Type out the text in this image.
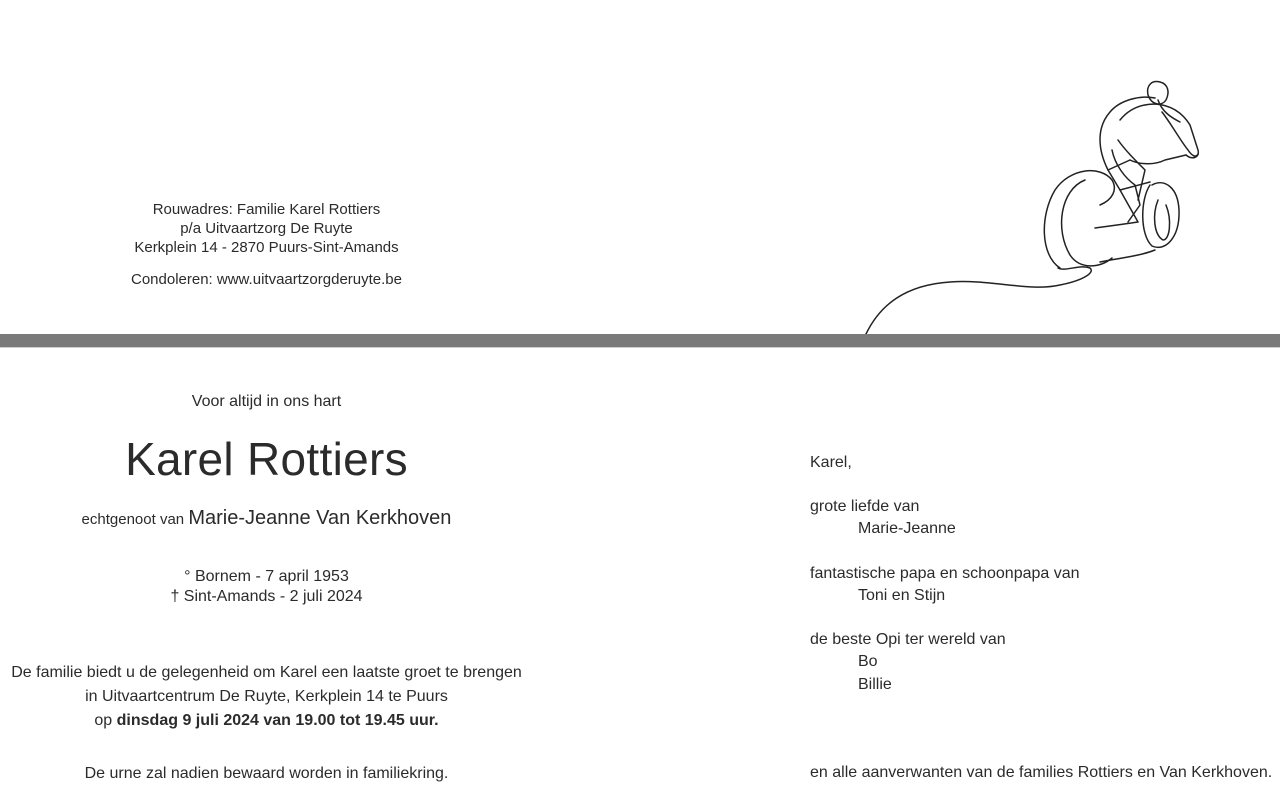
Rouwadres: Familie Karel Rottiers
p/a Uitvaartzorg De Ruyte
Kerkplein 14 - 2870 Puurs-Sint-Amands
Condoleren: www.uitvaartzorgderuyte.be
Voor altijd in ons hart
Karel Rottiers
echtgenoot van Marie-Jeanne Van Kerkhoven
° Bornem - 7 april 1953
† Sint-Amands - 2 juli 2024
De familie biedt u de gelegenheid om Karel een laatste groet te brengen
in Uitvaartcentrum De Ruyte, Kerkplein 14 te Puurs
op dinsdag 9 juli 2024 van 19.00 tot 19.45 uur.
De urne zal nadien bewaard worden in familiekring.
Karel,
grote liefde van
Marie-Jeanne
fantastische papa en schoonpapa van
Toni en Stijn
de beste Opi ter wereld van
Bo
Billie
en alle aanverwanten van de families Rottiers en Van Kerkhoven.
